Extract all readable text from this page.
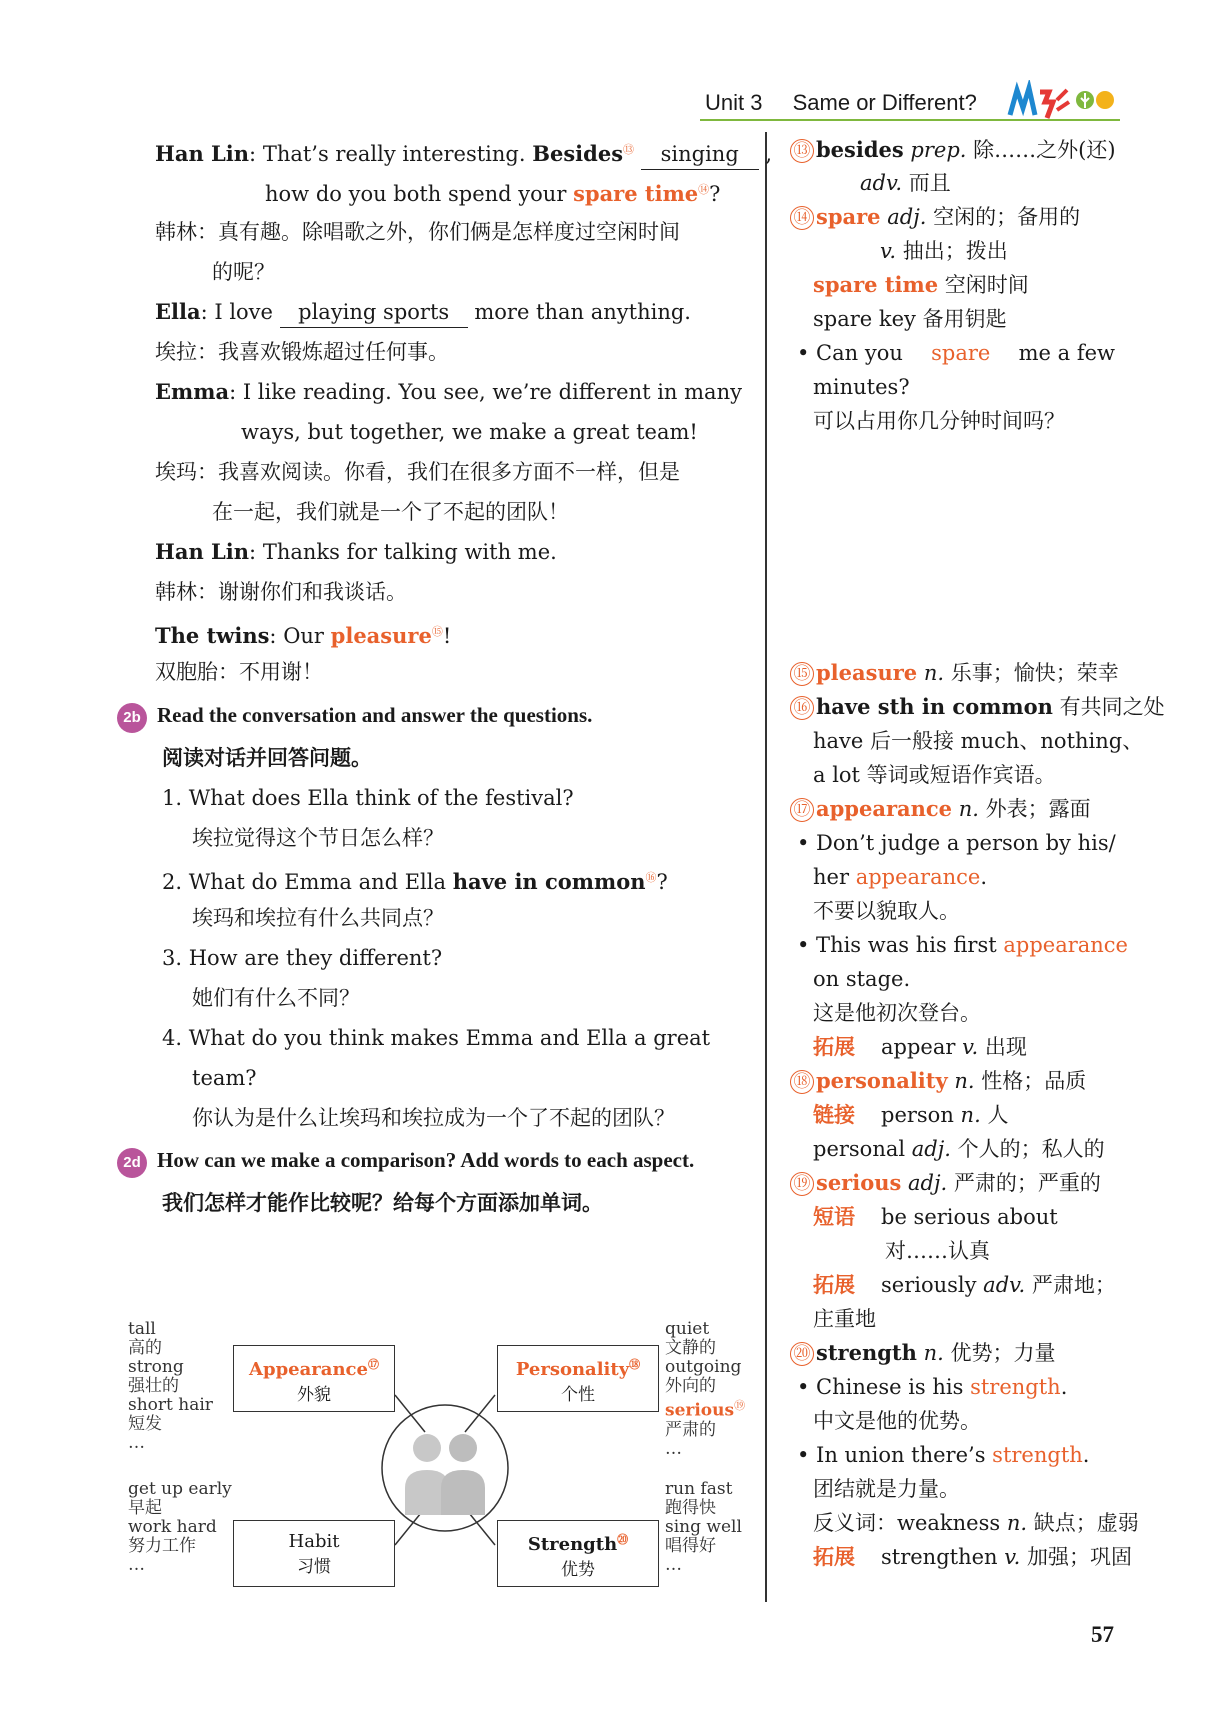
Unit 3 Same or Different?
Han Lin: That’s really interesting. Besides⑬ singing ,
how do you both spend your spare time⑭?
韩林：真有趣。除唱歌之外，你们俩是怎样度过空闲时间
的呢？
Ella: I love playing sports more than anything.
埃拉：我喜欢锻炼超过任何事。
Emma: I like reading. You see, we’re different in many
ways, but together, we make a great team!
埃玛：我喜欢阅读。你看，我们在很多方面不一样，但是
在一起，我们就是一个了不起的团队！
Han Lin: Thanks for talking with me.
韩林：谢谢你们和我谈话。
The twins: Our pleasure⑮!
双胞胎：不用谢！
2b Read the conversation and answer the questions.
阅读对话并回答问题。
1. What does Ella think of the festival?
埃拉觉得这个节日怎么样？
2. What do Emma and Ella have in common⑯?
埃玛和埃拉有什么共同点？
3. How are they different?
她们有什么不同？
4. What do you think makes Emma and Ella a great
team?
你认为是什么让埃玛和埃拉成为一个了不起的团队？
2d How can we make a comparison? Add words to each aspect.
我们怎样才能作比较呢？给每个方面添加单词。
Appearance⑰
外貌
Personality⑱
个性
Habit
习惯
Strength⑳
优势
tall
高的
strong
强壮的
short hair
短发
…
quiet
文静的
outgoing
外向的
serious⑲
严肃的
…
get up early
早起
work hard
努力工作
…
run fast
跑得快
sing well
唱得好
…
⑬ besides prep. 除……之外(还)
adv. 而且
⑭ spare adj. 空闲的；备用的
v. 抽出；拨出
spare time 空闲时间
spare key 备用钥匙
• Can you spare me a few
minutes?
可以占用你几分钟时间吗？
⑮ pleasure n. 乐事；愉快；荣幸
⑯ have sth in common 有共同之处
have 后一般接 much、nothing、
a lot 等词或短语作宾语。
⑰ appearance n. 外表；露面
• Don’t judge a person by his/
her appearance.
不要以貌取人。
• This was his first appearance
on stage.
这是他初次登台。
拓展 appear v. 出现
⑱ personality n. 性格；品质
链接 person n. 人
personal adj. 个人的；私人的
⑲ serious adj. 严肃的；严重的
短语 be serious about
对……认真
拓展 seriously adv. 严肃地；
庄重地
⑳ strength n. 优势；力量
• Chinese is his strength.
中文是他的优势。
• In union there’s strength.
团结就是力量。
反义词：weakness n. 缺点；虚弱
拓展 strengthen v. 加强；巩固
57
